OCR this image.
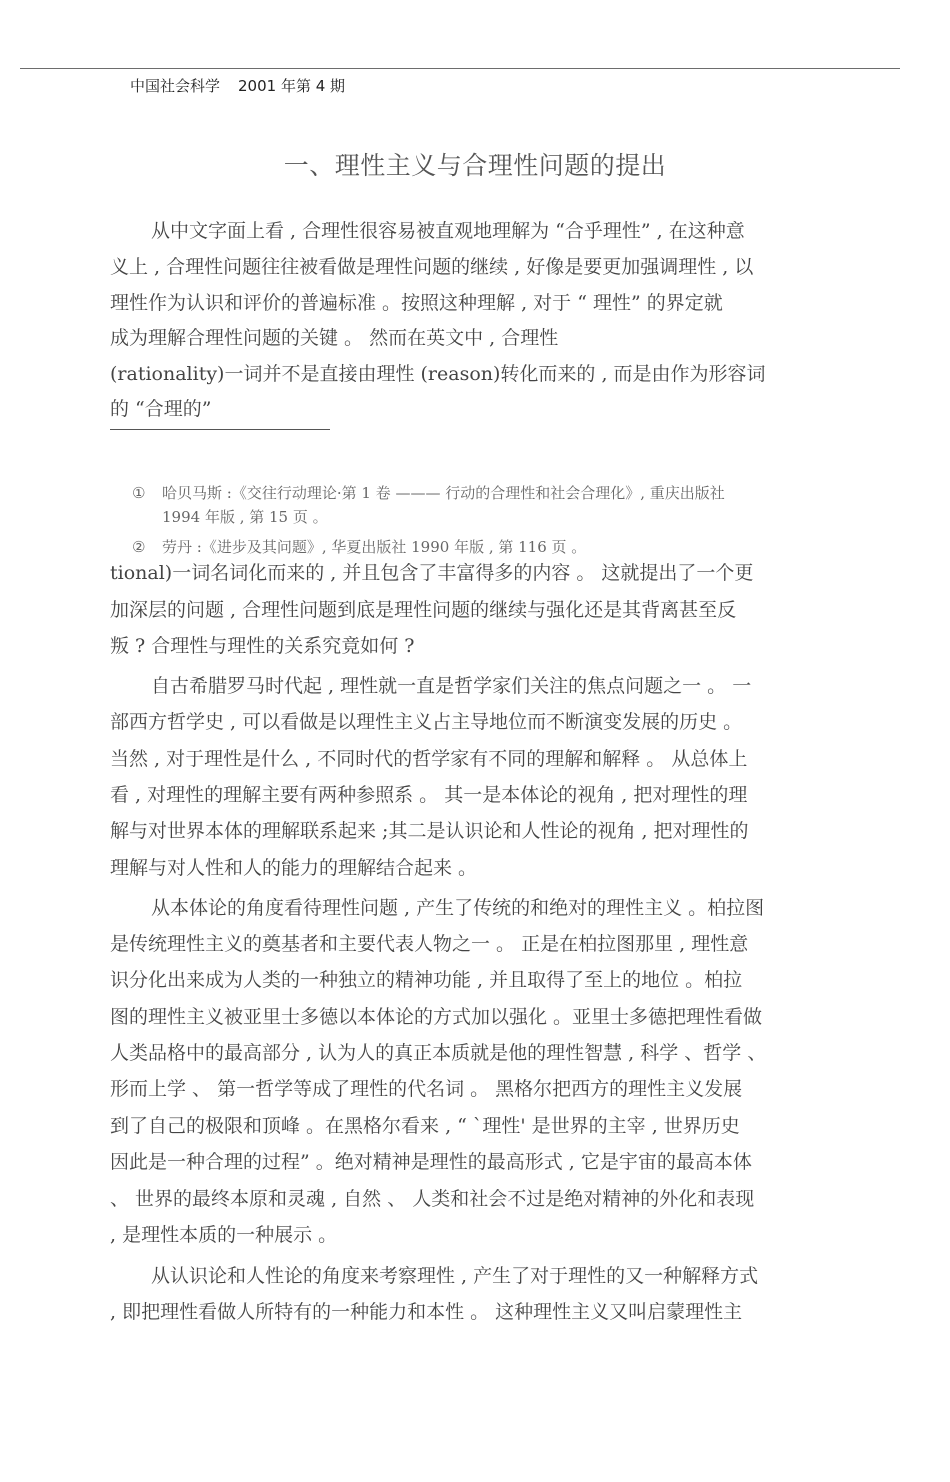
中国社会科学 2001 年第 4 期
一、理性主义与合理性问题的提出
从中文字面上看 , 合理性很容易被直观地理解为 “合乎理性” , 在这种意
义上 , 合理性问题往往被看做是理性问题的继续 , 好像是要更加强调理性 , 以
理性作为认识和评价的普遍标准 。按照这种理解 , 对于 “ 理性” 的界定就
成为理解合理性问题的关键 。 然而在英文中 , 合理性
(rationality)一词并不是直接由理性 (reason)转化而来的 , 而是由作为形容词
的 “合理的”
① 哈贝马斯 :《交往行动理论·第 1 卷 ——— 行动的合理性和社会合理化》, 重庆出版社
1994 年版 , 第 15 页 。
② 劳丹 :《进步及其问题》, 华夏出版社 1990 年版 , 第 116 页 。
tional)一词名词化而来的 , 并且包含了丰富得多的内容 。 这就提出了一个更
加深层的问题 , 合理性问题到底是理性问题的继续与强化还是其背离甚至反
叛 ? 合理性与理性的关系究竟如何 ?
自古希腊罗马时代起 , 理性就一直是哲学家们关注的焦点问题之一 。 一
部西方哲学史 , 可以看做是以理性主义占主导地位而不断演变发展的历史 。
当然 , 对于理性是什么 , 不同时代的哲学家有不同的理解和解释 。 从总体上
看 , 对理性的理解主要有两种参照系 。 其一是本体论的视角 , 把对理性的理
解与对世界本体的理解联系起来 ;其二是认识论和人性论的视角 , 把对理性的
理解与对人性和人的能力的理解结合起来 。
从本体论的角度看待理性问题 , 产生了传统的和绝对的理性主义 。柏拉图
是传统理性主义的奠基者和主要代表人物之一 。 正是在柏拉图那里 , 理性意
识分化出来成为人类的一种独立的精神功能 , 并且取得了至上的地位 。柏拉
图的理性主义被亚里士多德以本体论的方式加以强化 。亚里士多德把理性看做
人类品格中的最高部分 , 认为人的真正本质就是他的理性智慧 , 科学 、哲学 、
形而上学 、 第一哲学等成了理性的代名词 。 黑格尔把西方的理性主义发展
到了自己的极限和顶峰 。在黑格尔看来 , “ `理性' 是世界的主宰 , 世界历史
因此是一种合理的过程” 。绝对精神是理性的最高形式 , 它是宇宙的最高本体
、 世界的最终本原和灵魂 , 自然 、 人类和社会不过是绝对精神的外化和表现
, 是理性本质的一种展示 。
从认识论和人性论的角度来考察理性 , 产生了对于理性的又一种解释方式
, 即把理性看做人所特有的一种能力和本性 。 这种理性主义又叫启蒙理性主
